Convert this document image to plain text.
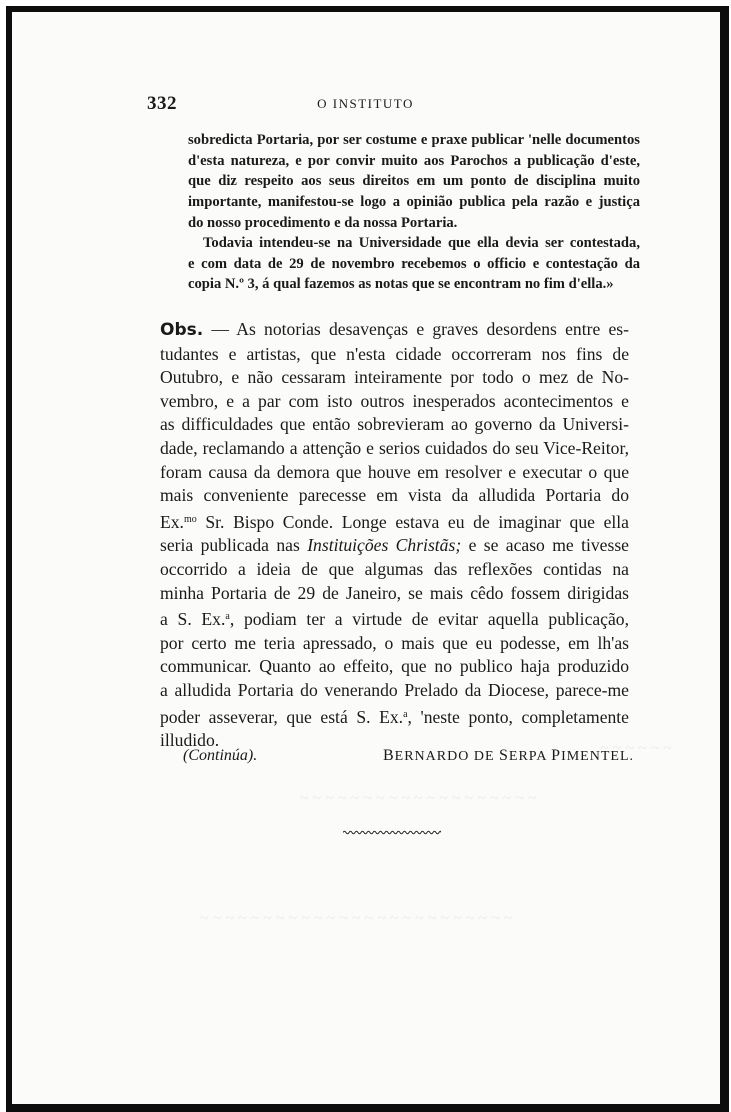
332	O INSTITUTO

sobredicta Portaria, por ser costume e praxe publicar 'nelle documentos
d'esta natureza, e por convir muito aos Parochos a publicação d'este,
que diz respeito aos seus direitos em um ponto de disciplina muito
importante, manifestou-se logo a opinião publica pela razão e justiça
do nosso procedimento e da nossa Portaria.

Todavia intendeu-se na Universidade que ella devia ser contestada,
e com data de 29 de novembro recebemos o officio e contestação da
copia N.º 3, á qual fazemos as notas que se encontram no fim d'ella.»

Obs. — As notorias desavenças e graves desordens entre es-
tudantes e artistas, que n'esta cidade occorreram nos fins de
Outubro, e não cessaram inteiramente por todo o mez de No-
vembro, e a par com isto outros inesperados acontecimentos e
as difficuldades que então sobrevieram ao governo da Universi-
dade, reclamando a attenção e serios cuidados do seu Vice-Reitor,
foram causa da demora que houve em resolver e executar o que
mais conveniente parecesse em vista da alludida Portaria do
Ex.$^{mo}$ Sr. Bispo Conde. Longe estava eu de imaginar que ella
seria publicada nas Instituições Christãs; e se acaso me tivesse
occorrido a ideia de que algumas das reflexões contidas na
minha Portaria de 29 de Janeiro, se mais cêdo fossem dirigidas
a S. Ex.$^a$, podiam ter a virtude de evitar aquella publicação,
por certo me teria apressado, o mais que eu podesse, em lh'as
communicar. Quanto ao effeito, que no publico haja produzido
a alludida Portaria do venerando Prelado da Diocese, parece-me
poder asseverar, que está S. Ex.$^a$, 'neste ponto, completamente
illudido.

(Continúa).	BERNARDO DE SERPA PIMENTEL.
~ ~ ~ ~ ~ ~
~ ~ ~ ~ ~ ~ ~ ~ ~ ~ ~ ~ ~ ~ ~ ~ ~ ~ ~
~ ~ ~ ~ ~ ~ ~ ~ ~ ~ ~ ~ ~ ~ ~ ~ ~ ~ ~ ~ ~ ~ ~ ~ ~
